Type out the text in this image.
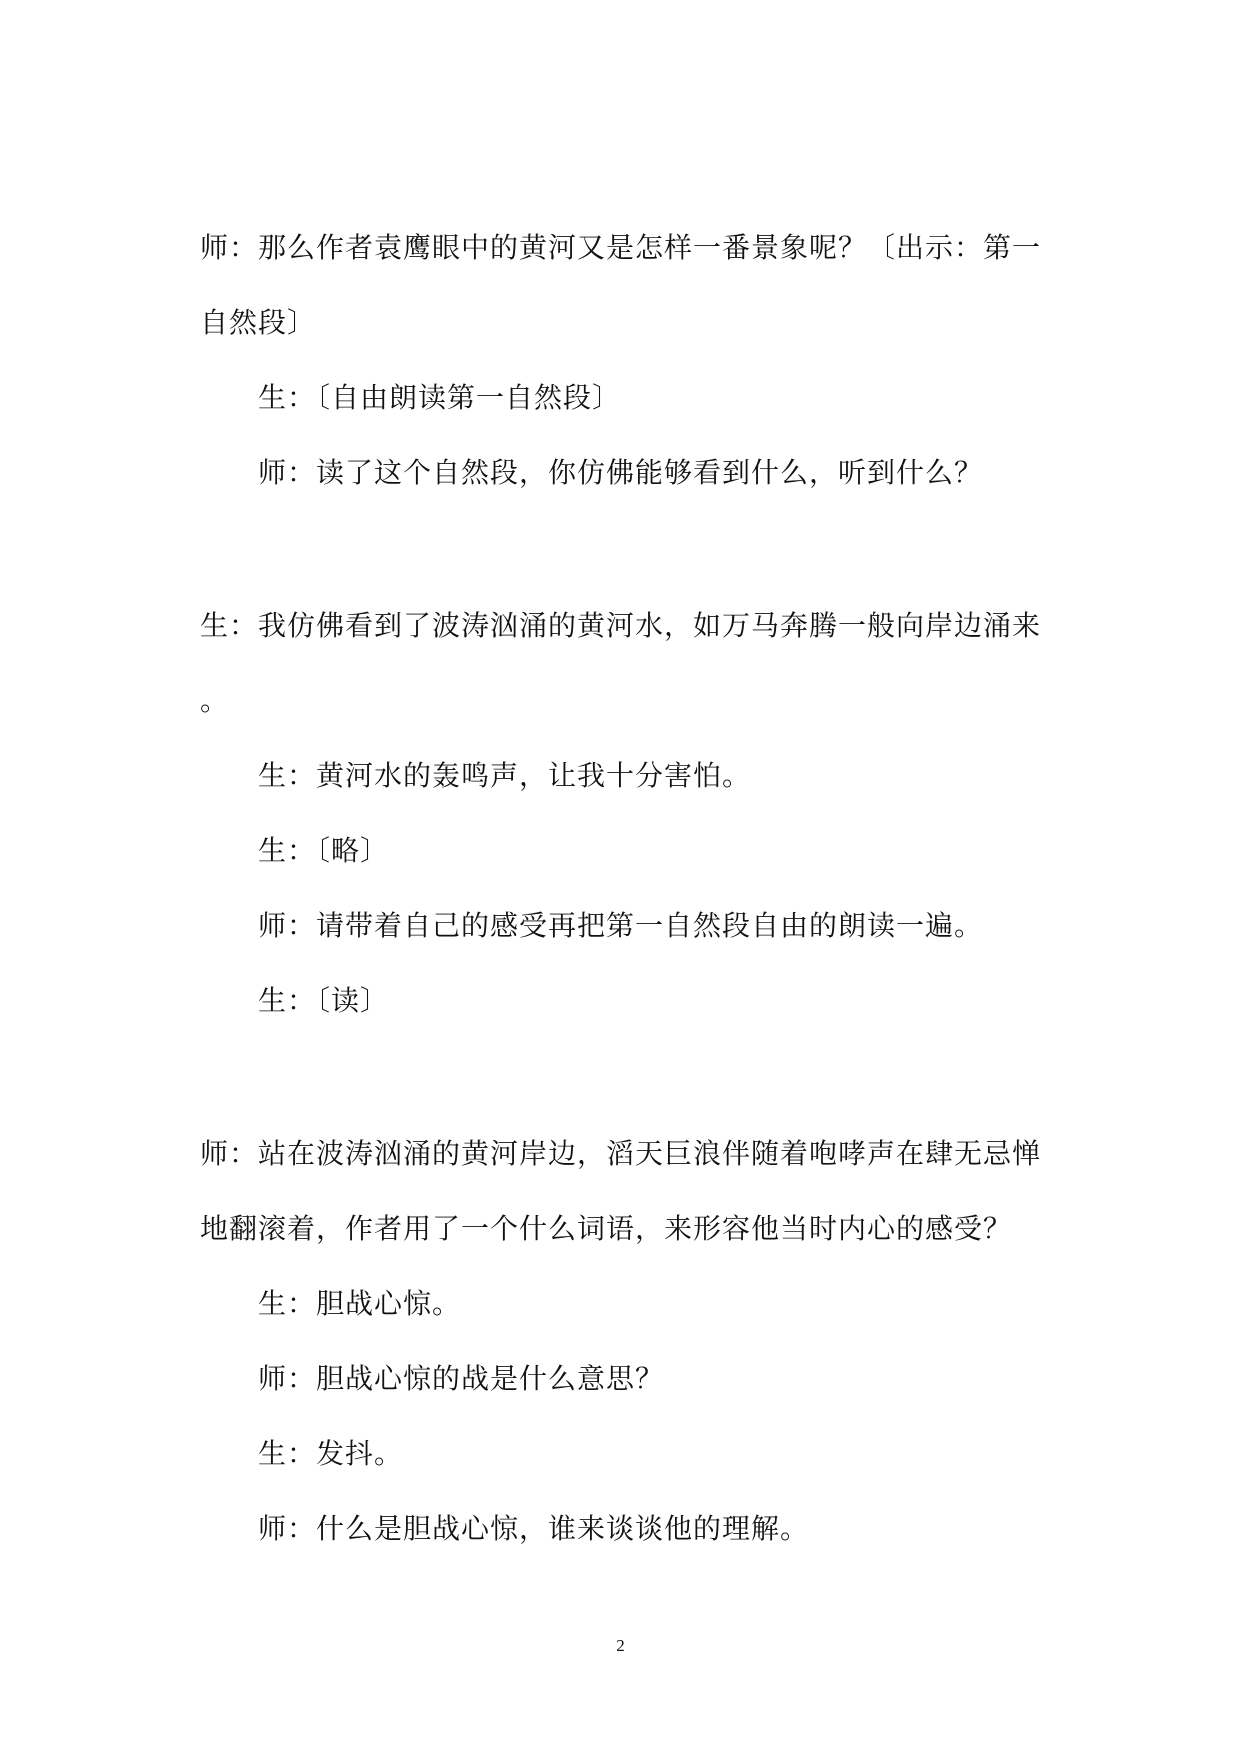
师：那么作者袁鹰眼中的黄河又是怎样一番景象呢？〔出示：第一

自然段〕

生：〔自由朗读第一自然段〕

师：读了这个自然段，你仿佛能够看到什么，听到什么？

生：我仿佛看到了波涛汹涌的黄河水，如万马奔腾一般向岸边涌来

。

生：黄河水的轰鸣声，让我十分害怕。

生：〔略〕

师：请带着自己的感受再把第一自然段自由的朗读一遍。

生：〔读〕

师：站在波涛汹涌的黄河岸边，滔天巨浪伴随着咆哮声在肆无忌惮

地翻滚着，作者用了一个什么词语，来形容他当时内心的感受？

生：胆战心惊。

师：胆战心惊的战是什么意思？

生：发抖。

师：什么是胆战心惊，谁来谈谈他的理解。

2
